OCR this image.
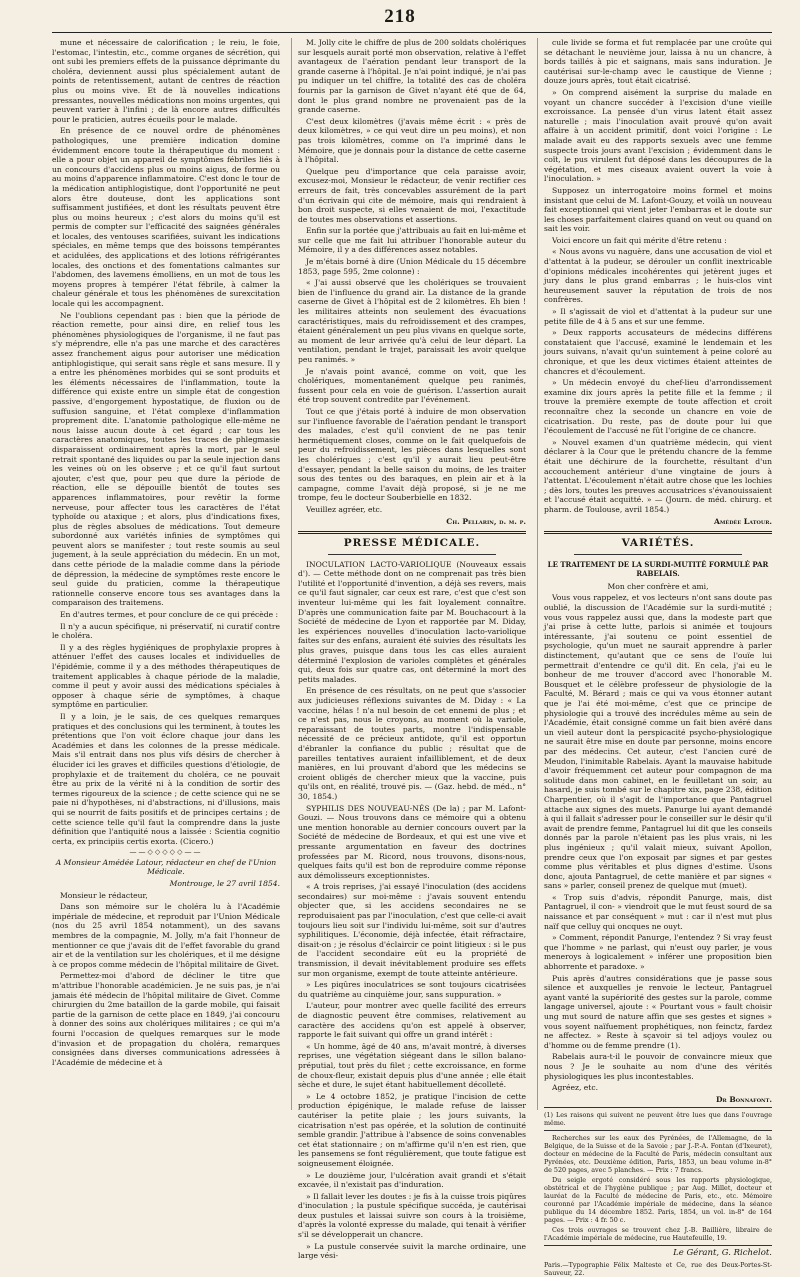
218

mune et nécessaire de calorification ; le reiu, le foie, l'estomac, l'intestin, etc., comme organes de sécrétion, qui ont subi les premiers effets de la puissance déprimante du choléra, deviennent aussi plus spécialement autant de points de retentissement, autant de centres de réaction plus ou moins vive. Et de là nouvelles indications pressantes, nouvelles médications non moins urgentes, qui peuvent varier à l'infini ; de là encore autres difficultés pour le praticien, autres écueils pour le malade.

En présence de ce nouvel ordre de phénomènes pathologiques, une première indication domine évidemment encore toute la thérapeutique du moment : elle a pour objet un appareil de symptômes fébriles liés à un concours d'accidens plus ou moins aigus, de forme ou au moins d'apparence inflammatoire. C'est donc le tour de la médication antiphlogistique, dont l'opportunité ne peut alors être douteuse, dont les applications sont suffisamment justifiées, et dont les résultats peuvent être plus ou moins heureux ; c'est alors du moins qu'il est permis de compter sur l'efficacité des saignées générales et locales, des ventouses scarifiées, suivant les indications spéciales, en même temps que des boissons tempérantes et acidulées, des applications et des lotions réfrigérantes locales, des onctions et des fomentations calmantes sur l'abdomen, des lavemens émolliens, en un mot de tous les moyens propres à tempérer l'état fébrile, à calmer la chaleur générale et tous les phénomènes de surexcitation locale qui les accompagnent.

Ne l'oublions cependant pas : bien que la période de réaction remette, pour ainsi dire, en relief tous les phénomènes physiologiques de l'organisme, il ne faut pas s'y méprendre, elle n'a pas une marche et des caractères assez franchement aigus pour autoriser une médication antiphlogistique, qui serait sans règle et sans mesure. Il y a entre les phénomènes morbides qui se sont produits et les éléments nécessaires de l'inflammation, toute la différence qui existe entre un simple état de congestion passive, d'engorgement hypostatique, de fluxion ou de suffusion sanguine, et l'état complexe d'inflammation proprement dite. L'anatomie pathologique elle-même ne nous laisse aucun doute à cet égard ; car tous les caractères anatomiques, toutes les traces de phlegmasie disparaissent ordinairement après la mort, par le seul retrait spontané des liquides ou par la seule injection dans les veines où on les observe ; et ce qu'il faut surtout ajouter, c'est que, pour peu que dure la période de réaction, elle se dépouille bientôt de toutes ses apparences inflammatoires, pour revêtir la forme nerveuse, pour affecter tous les caractères de l'état typhoïde ou ataxique ; et alors, plus d'indications fixes, plus de règles absolues de médications. Tout demeure subordonné aux variétés infinies de symptômes qui peuvent alors se manifester ; tout reste soumis au seul jugement, à la seule appréciation du médecin. En un mot, dans cette période de la maladie comme dans la période de dépression, la médecine de symptômes reste encore le seul guide du praticien, comme la thérapeutique rationnelle conserve encore tous ses avantages dans la comparaison des traitemens.

En d'autres termes, et pour conclure de ce qui précède :

Il n'y a aucun spécifique, ni préservatif, ni curatif contre le choléra.

Il y a des règles hygiéniques de prophylaxie propres à atténuer l'effet des causes locales et individuelles de l'épidémie, comme il y a des méthodes thérapeutiques de traitement applicables à chaque période de la maladie, comme il peut y avoir aussi des médications spéciales à opposer à chaque série de symptômes, à chaque symptôme en particulier.

Il y a loin, je le sais, de ces quelques remarques pratiques et des conclusions qui les terminent, à toutes les prétentions que l'on voit éclore chaque jour dans les Académies et dans les colonnes de la presse médicale. Mais s'il entrait dans nos plus vifs désirs de chercher à élucider ici les graves et difficiles questions d'étiologie, de prophylaxie et de traitement du choléra, ce ne pouvait être au prix de la vérité ni à la condition de sortir des termes rigoureux de la science ; de cette science qui ne se paie ni d'hypothèses, ni d'abstractions, ni d'illusions, mais qui se nourrit de faits positifs et de principes certains ; de cette science telle qu'il faut la comprendre dans la juste définition que l'antiquité nous a laissée : Scientia cognitio certa, ex principiis certis exorta. (Cicero.)

——◇◇◇◇◇——

A Monsieur Amédée Latour, rédacteur en chef de l'Union Médicale.

Montrouge, le 27 avril 1854.

Monsieur le rédacteur,

Dans son mémoire sur le choléra lu à l'Académie impériale de médecine, et reproduit par l'Union Médicale (nos du 25 avril 1854 notamment), un des savans membres de la compagnie, M. Jolly, m'a fait l'honneur de mentionner ce que j'avais dit de l'effet favorable du grand air et de la ventilation sur les cholériques, et il me désigne à ce propos comme médecin de l'hôpital militaire de Givet.

Permettez-moi d'abord de décliner le titre que m'attribue l'honorable académicien. Je ne suis pas, je n'ai jamais été médecin de l'hôpital militaire de Givet. Comme chirurgien du 2me bataillon de la garde mobile, qui faisait partie de la garnison de cette place en 1849, j'ai concouru à donner des soins aux cholériques militaires ; ce qui m'a fourni l'occasion de quelques remarques sur le mode d'invasion et de propagation du choléra, remarques consignées dans diverses communications adressées à l'Académie de médecine et à

M. Jolly cite le chiffre de plus de 200 soldats cholériques sur lesquels aurait porté mon observation, relative à l'effet avantageux de l'aération pendant leur transport de la grande caserne à l'hôpital. Je n'ai point indiqué, je n'ai pas pu indiquer un tel chiffre, la totalité des cas de choléra fournis par la garnison de Givet n'ayant été que de 64, dont le plus grand nombre ne provenaient pas de la grande caserne.

C'est deux kilomètres (j'avais même écrit : « près de deux kilomètres, » ce qui veut dire un peu moins), et non pas trois kilomètres, comme on l'a imprimé dans le Mémoire, que je donnais pour la distance de cette caserne à l'hôpital.

Quelque peu d'importance que cela paraisse avoir, excusez-moi, Monsieur le rédacteur, de venir rectifier ces erreurs de fait, très concevables assurément de la part d'un écrivain qui cite de mémoire, mais qui rendraient à bon droit suspecte, si elles venaient de moi, l'exactitude de toutes mes observations et assertions.

Enfin sur la portée que j'attribuais au fait en lui-même et sur celle que me fait lui attribuer l'honorable auteur du Mémoire, il y a des différences assez notables.

Je m'étais borné à dire (Union Médicale du 15 décembre 1853, page 595, 2me colonne) :

« J'ai aussi observé que les cholériques se trouvaient bien de l'influence du grand air. La distance de la grande caserne de Givet à l'hôpital est de 2 kilomètres. Eh bien ! les militaires atteints non seulement des évacuations caractéristiques, mais du refroidissement et des crampes, étaient généralement un peu plus vivans en quelque sorte, au moment de leur arrivée qu'à celui de leur départ. La ventilation, pendant le trajet, paraissait les avoir quelque peu ranimés. »

Je n'avais point avancé, comme on voit, que les cholériques, momentanément quelque peu ranimés, fussent pour cela en voie de guérison. L'assertion aurait été trop souvent contredite par l'événement.

Tout ce que j'étais porté à induire de mon observation sur l'influence favorable de l'aération pendant le transport des malades, c'est qu'il convient de ne pas tenir hermétiquement closes, comme on le fait quelquefois de peur du refroidissement, les pièces dans lesquelles sont les cholériques ; c'est qu'il y aurait lieu peut-être d'essayer, pendant la belle saison du moins, de les traiter sous des tentes ou des baraques, en plein air et à la campagne, comme l'avait déjà proposé, si je ne me trompe, feu le docteur Souberbielle en 1832.

Veuillez agréer, etc.

Ch. Pellarin, d. m. p.

PRESSE MÉDICALE.

INOCULATION LACTO-VARIOLIQUE (Nouveaux essais d'). — Cette méthode dont on ne comprenait pas très bien l'utilité et l'opportunité d'invention, a déjà ses revers, mais ce qu'il faut signaler, car ceux est rare, c'est que c'est son inventeur lui-même qui les fait loyalement connaître. D'après une communication faite par M. Bouchacourt à la Société de médecine de Lyon et rapportée par M. Diday, les expériences nouvelles d'inoculation lacto-variolique faites sur des enfans, auraient été suivies des résultats les plus graves, puisque dans tous les cas elles auraient déterminé l'explosion de varioles complètes et générales qui, deux fois sur quatre cas, ont déterminé la mort des petits malades.

En présence de ces résultats, on ne peut que s'associer aux judicieuses réflexions suivantes de M. Diday : « La vaccine, hélas ! n'a nul besoin de cet ennemi de plus ; et ce n'est pas, nous le croyons, au moment où la variole, reparaissant de toutes parts, montre l'indispensable nécessité de ce précieux antidote, qu'il est opportun d'ébranler la confiance du public ; résultat que de pareilles tentatives auraient infailliblement, et de deux manières, en lui prouvant d'abord que les médecins se croient obligés de chercher mieux que la vaccine, puis qu'ils ont, en réalité, trouvé pis. — (Gaz. hebd. de méd., n° 30, 1854.)

SYPHILIS DES NOUVEAU-NÉS (De la) ; par M. Lafont-Gouzi. — Nous trouvons dans ce mémoire qui a obtenu une mention honorable au dernier concours ouvert par la Société de médecine de Bordeaux, et qui est une vive et pressante argumentation en faveur des doctrines professées par M. Ricord, nous trouvons, disons-nous, quelques faits qu'il est bon de reproduire comme réponse aux démolisseurs exceptionnistes.

« A trois reprises, j'ai essayé l'inoculation (des accidens secondaires) sur moi-même : j'avais souvent entendu objecter que, si les accidens secondaires ne se reproduisaient pas par l'inoculation, c'est que celle-ci avait toujours lieu soit sur l'individu lui-même, soit sur d'autres syphilitiques. L'économie, déjà infectée, était réfractaire, disait-on ; je résolus d'éclaircir ce point litigieux : si le pus de l'accident secondaire eût eu la propriété de transmission, il devait inévitablement produire ses effets sur mon organisme, exempt de toute atteinte antérieure.

» Les piqûres inoculatrices se sont toujours cicatrisées du quatrième au cinquième jour, sans suppuration. »

L'auteur, pour montrer avec quelle facilité des erreurs de diagnostic peuvent être commises, relativement au caractère des accidens qu'on est appelé à observer, rapporte le fait suivant qui offre un grand intérêt :

« Un homme, âgé de 40 ans, m'avait montré, à diverses reprises, une végétation siégeant dans le sillon balano-préputial, tout près du filet ; cette excroissance, en forme de choux-fleur, existait depuis plus d'une année ; elle était sèche et dure, le sujet étant habituellement décolleté.

» Le 4 octobre 1852, je pratique l'incision de cette production épigénique, le malade refuse de laisser cautériser la petite plaie ; les jours suivants, la cicatrisation n'est pas opérée, et la solution de continuité semble grandir. J'attribue à l'absence de soins convenables cet état stationnaire ; on m'affirme qu'il n'en est rien, que les pansemens se font régulièrement, que toute fatigue est soigneusement éloignée.

» Le douzième jour, l'ulcération avait grandi et s'était excavée, il n'existait pas d'induration.

» Il fallait lever les doutes : je fis à la cuisse trois piqûres d'inoculation ; la pustule spécifique succéda, je cautérisai deux pustules et laissai suivre son cours à la troisième, d'après la volonté expresse du malade, qui tenait à vérifier s'il se développerait un chancre.

» La pustule conservée suivit la marche ordinaire, une large vési-

cule livide se forma et fut remplacée par une croûte qui se détachant le neuvième jour, laissa à nu un chancre, à bords taillés à pic et saignans, mais sans induration. Je cautérisai sur-le-champ avec le caustique de Vienne ; douze jours après, tout était cicatrisé.

» On comprend aisément la surprise du malade en voyant un chancre succéder à l'excision d'une vieille excroissance. La pensée d'un virus latent était assez naturelle ; mais l'inoculation avait prouvé qu'on avait affaire à un accident primitif, dont voici l'origine : Le malade avait eu des rapports sexuels avec une femme suspecte trois jours avant l'excision ; évidemment dans le coït, le pus virulent fut déposé dans les découpures de la végétation, et mes ciseaux avaient ouvert la voie à l'inoculation. »

Supposez un interrogatoire moins formel et moins insistant que celui de M. Lafont-Gouzy, et voilà un nouveau fait exceptionnel qui vient jeter l'embarras et le doute sur les choses parfaitement claires quand on veut ou quand on sait les voir.

Voici encore un fait qui mérite d'être retenu :

« Nous avons vu naguère, dans une accusation de viol et d'attentat à la pudeur, se dérouler un conflit inextricable d'opinions médicales incohérentes qui jetèrent juges et jury dans le plus grand embarras ; le huis-clos vint heureusement sauver la réputation de trois de nos confrères.

» Il s'agissait de viol et d'attentat à la pudeur sur une petite fille de 4 à 5 ans et sur une femme.

» Deux rapports accusateurs de médecins différens constataient que l'accusé, examiné le lendemain et les jours suivans, n'avait qu'un suintement à peine coloré au chronique, et que les deux victimes étaient atteintes de chancres et d'écoulement.

» Un médecin envoyé du chef-lieu d'arrondissement examine dix jours après la petite fille et la femme ; il trouve la première exempte de toute affection et croit reconnaître chez la seconde un chancre en voie de cicatrisation. Du reste, pas de doute pour lui que l'écoulement de l'accusé ne fût l'origine de ce chancre.

» Nouvel examen d'un quatrième médecin, qui vient déclarer à la Cour que le prétendu chancre de la femme était une déchirure de la fourchette, résultant d'un accouchement antérieur d'une vingtaine de jours à l'attentat. L'écoulement n'était autre chose que les lochies ; dès lors, toutes les preuves accusatrices s'évanouissaient et l'accusé était acquitté. » — (Journ. de méd. chirurg. et pharm. de Toulouse, avril 1854.)

Amédée Latour.

VARIÉTÉS.
LE TRAITEMENT DE LA SURDI-MUTITÉ FORMULÉ PAR RABELAIS.

Mon cher confrère et ami,

Vous vous rappelez, et vos lecteurs n'ont sans doute pas oublié, la discussion de l'Académie sur la surdi-mutité ; vous vous rappelez aussi que, dans la modeste part que j'ai prise à cette lutte, parlois si animée et toujours intéressante, j'ai soutenu ce point essentiel de psychologie, qu'un muet ne saurait apprendre à parler distinctement, qu'autant que ce sens de l'ouïe lui permettrait d'entendre ce qu'il dit. En cela, j'ai eu le bonheur de me trouver d'accord avec l'honorable M. Bousquet et le célèbre professeur de physiologie de la Faculté, M. Bérard ; mais ce qui va vous étonner autant que je l'ai été moi-même, c'est que ce principe de physiologie qui a trouvé des incrédules même au sein de l'Académie, était consigné comme un fait bien avéré dans un vieil auteur dont la perspicacité psycho-physiologique ne saurait être mise en doute par personne, moins encore par des médecins. Cet auteur, c'est l'ancien curé de Meudon, l'inimitable Rabelais. Ayant la mauvaise habitude d'avoir fréquemment cet auteur pour compagnon de ma solitude dans mon cabinet, en le feuilletant un soir, au hasard, je suis tombé sur le chapitre xix, page 238, édition Charpentier, où il s'agit de l'importance que Pantagruel attache aux signes des muets. Panurge lui ayant demandé à qui il fallait s'adresser pour le conseiller sur le désir qu'il avait de prendre femme, Pantagruel lui dit que les conseils donnés par la parole n'étaient pas les plus vrais, ni les plus ingénieux ; qu'il valait mieux, suivant Apollon, prendre ceux que l'on exposait par signes et par gestes comme plus véritables et plus dignes d'estime. Usons donc, ajouta Pantagruel, de cette manière et par signes « sans » parler, conseil prenez de quelque mut (muet).

« Trop suis d'advis, répondit Panurge, mais, dist Pantagruel, il con- » viendroit que le mut feust sourd de sa naissance et par conséquent » mut : car il n'est mut plus naïf que celluy qui oncques ne ouyt.

» Comment, répondit Panurge, l'entendez ? Si vray feust que l'homme » ne parlast, qui n'eust ouy parler, je vous meneroys à logicalement » inférer une proposition bien abhorrente et paradoxe. »

Puis après d'autres considérations que je passe sous silence et auxquelles je renvoie le lecteur, Pantagruel ayant vanté la supériorité des gestes sur la parole, comme langage universel, ajoute : « Pourtant vous » fault choisir ung mut sourd de nature affin que ses gestes et signes » vous soyent naïfuement prophétiques, non feinctz, fardez ne affectez. » Reste à sçavoir si tel adjoys voulez ou d'homme ou de femme prendre (1).

Rabelais aura-t-il le pouvoir de convaincre mieux que nous ? Je le souhaite au nom d'une des vérités physiologiques les plus incontestables.

Agréez, etc.

Dr Bonnafont.

(1) Les raisons qui suivent ne peuvent être lues que dans l'ouvrage même.

Recherches sur les eaux des Pyrénées, de l'Allemagne, de la Belgique, de la Suisse et de la Savoie ; par J.-P.-A. Fontan (d'Ixeuret), docteur en médecine de la Faculté de Paris, médecin consultant aux Pyrénées, etc. Deuxième édition, Paris, 1853, un beau volume in-8° de 520 pages, avec 5 planches. — Prix : 7 francs.

Du seigle ergoté considéré sous les rapports physiologique, obstétrical et de l'hygiène publique ; par Aug. Millet, docteur et lauréat de la Faculté de médecine de Paris, etc., etc. Mémoire couronné par l'Académie impériale de médecine, dans la séance publique du 14 décembre 1852. Paris, 1854, un vol. in-8° de 164 pages. — Prix : 4 fr. 50 c.

Ces trois ouvrages se trouvent chez J.-B. Baillière, libraire de l'Académie impériale de médecine, rue Hautefeuille, 19.

Le Gérant, G. Richelot.

Paris.—Typographie Félix Malteste et Ce, rue des Deux-Portes-St-Sauveur, 22.
